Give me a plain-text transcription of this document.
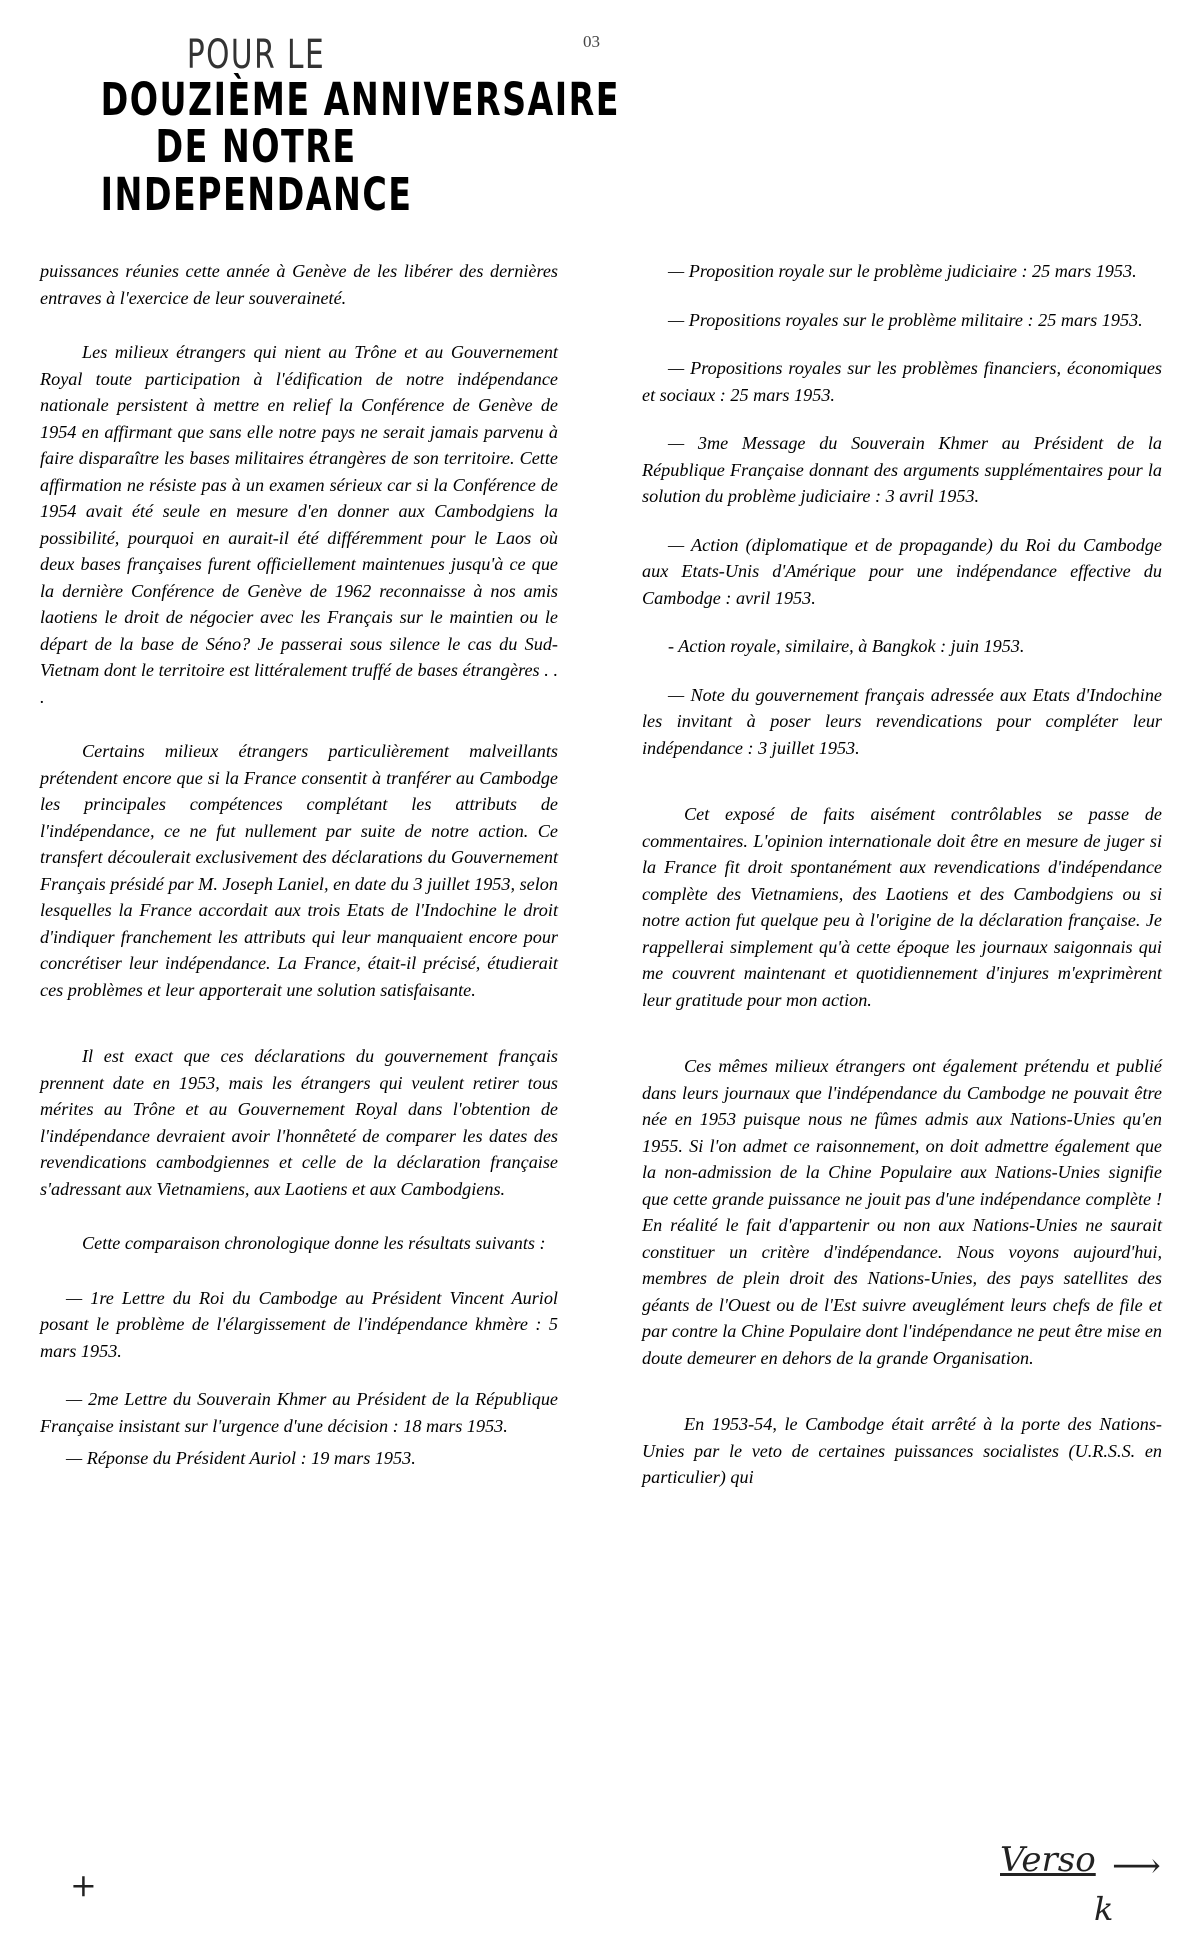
03
POUR LE
DOUZIÈME ANNIVERSAIRE
DE NOTRE
INDEPENDANCE

puissances réunies cette année à Genève de les libérer des dernières entraves à l'exercice de leur souveraineté.

Les milieux étrangers qui nient au Trône et au Gouvernement Royal toute participation à l'édification de notre indépendance nationale persistent à mettre en relief la Conférence de Genève de 1954 en affirmant que sans elle notre pays ne serait jamais parvenu à faire disparaître les bases militaires étrangères de son territoire. Cette affirmation ne résiste pas à un examen sérieux car si la Conférence de 1954 avait été seule en mesure d'en donner aux Cambodgiens la possibilité, pourquoi en aurait-il été différemment pour le Laos où deux bases françaises furent officiellement maintenues jusqu'à ce que la dernière Conférence de Genève de 1962 reconnaisse à nos amis laotiens le droit de négocier avec les Français sur le maintien ou le départ de la base de Séno? Je passerai sous silence le cas du Sud-Vietnam dont le territoire est littéralement truffé de bases étrangères . . .

Certains milieux étrangers particulièrement malveillants prétendent encore que si la France consentit à tranférer au Cambodge les principales compétences complétant les attributs de l'indépendance, ce ne fut nullement par suite de notre action. Ce transfert découlerait exclusivement des déclarations du Gouvernement Français présidé par M. Joseph Laniel, en date du 3 juillet 1953, selon lesquelles la France accordait aux trois Etats de l'Indochine le droit d'indiquer franchement les attributs qui leur manquaient encore pour concrétiser leur indépendance. La France, était-il précisé, étudierait ces problèmes et leur apporterait une solution satisfaisante.

Il est exact que ces déclarations du gouvernement français prennent date en 1953, mais les étrangers qui veulent retirer tous mérites au Trône et au Gouvernement Royal dans l'obtention de l'indépendance devraient avoir l'honnêteté de comparer les dates des revendications cambodgiennes et celle de la déclaration française s'adressant aux Vietnamiens, aux Laotiens et aux Cambodgiens.

Cette comparaison chronologique donne les résultats suivants :

— 1re Lettre du Roi du Cambodge au Président Vincent Auriol posant le problème de l'élargissement de l'indépendance khmère : 5 mars 1953.

— 2me Lettre du Souverain Khmer au Président de la République Française insistant sur l'urgence d'une décision : 18 mars 1953.

— Réponse du Président Auriol : 19 mars 1953.

— Proposition royale sur le problème judiciaire : 25 mars 1953.

— Propositions royales sur le problème militaire : 25 mars 1953.

— Propositions royales sur les problèmes financiers, économiques et sociaux : 25 mars 1953.

— 3me Message du Souverain Khmer au Président de la République Française donnant des arguments supplémentaires pour la solution du problème judiciaire : 3 avril 1953.

— Action (diplomatique et de propagande) du Roi du Cambodge aux Etats-Unis d'Amérique pour une indépendance effective du Cambodge : avril 1953.

- Action royale, similaire, à Bangkok : juin 1953.

— Note du gouvernement français adressée aux Etats d'Indochine les invitant à poser leurs revendications pour compléter leur indépendance : 3 juillet 1953.

Cet exposé de faits aisément contrôlables se passe de commentaires. L'opinion internationale doit être en mesure de juger si la France fit droit spontanément aux revendications d'indépendance complète des Vietnamiens, des Laotiens et des Cambodgiens ou si notre action fut quelque peu à l'origine de la déclaration française. Je rappellerai simplement qu'à cette époque les journaux saigonnais qui me couvrent maintenant et quotidiennement d'injures m'exprimèrent leur gratitude pour mon action.

Ces mêmes milieux étrangers ont également prétendu et publié dans leurs journaux que l'indépendance du Cambodge ne pouvait être née en 1953 puisque nous ne fûmes admis aux Nations-Unies qu'en 1955. Si l'on admet ce raisonnement, on doit admettre également que la non-admission de la Chine Populaire aux Nations-Unies signifie que cette grande puissance ne jouit pas d'une indépendance complète ! En réalité le fait d'appartenir ou non aux Nations-Unies ne saurait constituer un critère d'indépendance. Nous voyons aujourd'hui, membres de plein droit des Nations-Unies, des pays satellites des géants de l'Ouest ou de l'Est suivre aveuglément leurs chefs de file et par contre la Chine Populaire dont l'indépendance ne peut être mise en doute demeurer en dehors de la grande Organisation.

En 1953-54, le Cambodge était arrêté à la porte des Nations-Unies par le veto de certaines puissances socialistes (U.R.S.S. en particulier) qui

+
Verso ⟶
k
